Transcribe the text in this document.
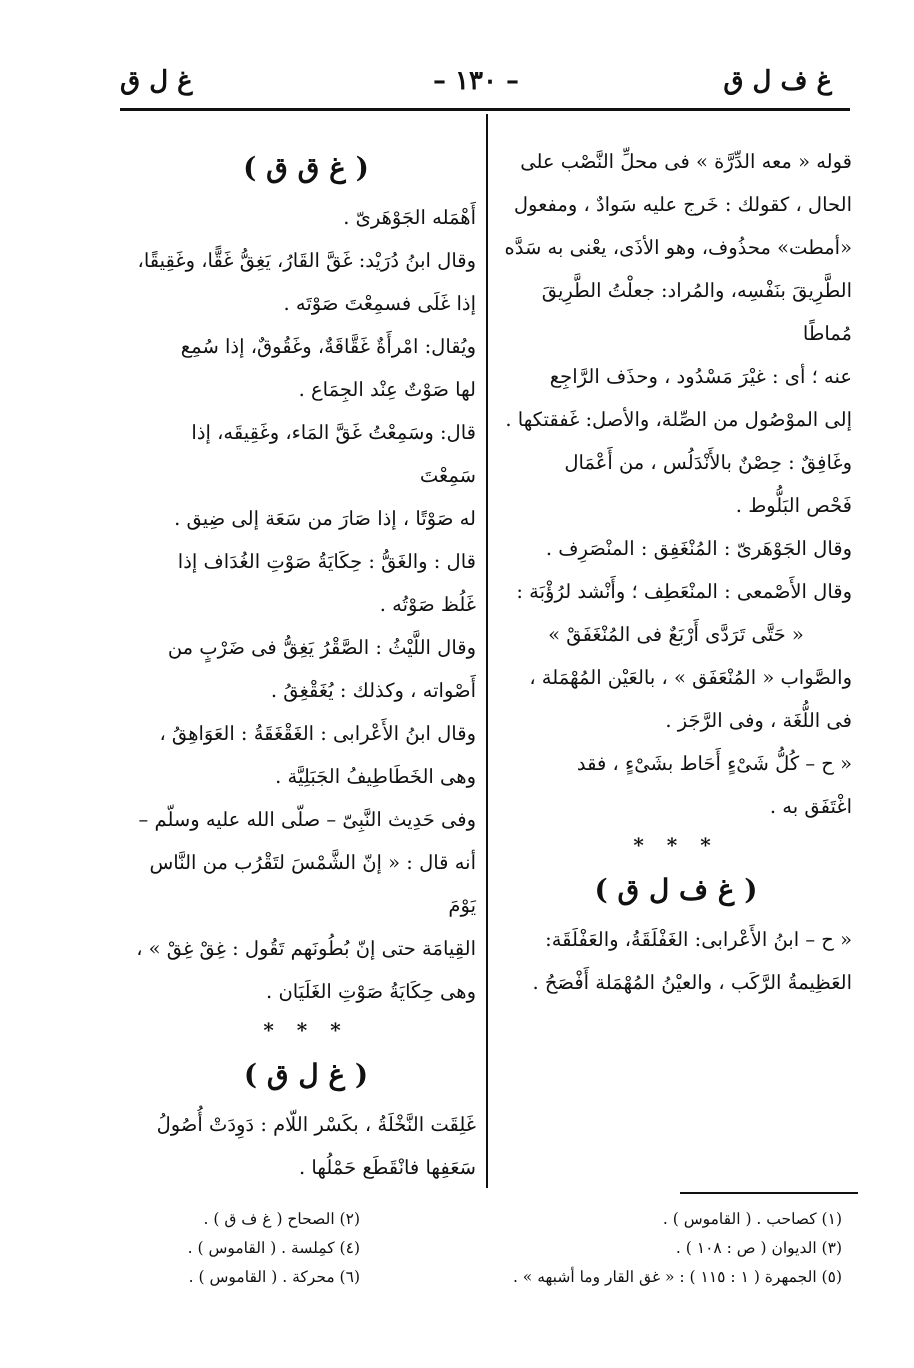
غ ف ل ق
– ١٣٠ –
غ ل ق

قوله « معه الدِّرَّة » فى محلِّ النَّصْب على

الحال ، كقولك : خَرج عليه سَوادٌ ، ومفعول

«أمطت» محذُوف، وهو الأذَى، يعْنى به سَدَّه

الطَّرِيقَ بنَفْسِه، والمُراد: جعلْتُ الطَّرِيقَ مُماطًا

عنه ؛ أى : غيْرَ مَسْدُود ، وحذَف الرَّاجِع

إلى الموْصُول من الصِّلة، والأصل: غَفقتكها .

وغَافِقٌ : حِصْنٌ بالأَنْدَلُس ، من أَعْمَال

فَحْص البَلُّوط .

وقال الجَوْهَرىّ : المُنْغَفِق : المنْصَرِف .

وقال الأَصْمعى : المنْعَطِف ؛ وأَنْشد لرُؤْبَة :

« حَتَّى تَرَدَّى أَرْبَعٌ فى المُنْغَفَقْ »

والصَّواب « المُنْعَفَق » ، بالعَيْن المُهْمَلة ،

فى اللُّغَة ، وفى الرَّجَز .

« ح – كُلُّ شَىْءٍ أَحَاط بشَىْءٍ ، فقد

اغْتَفَق به .

* * *

( غ ف ل ق )

« ح – ابنُ الأَعْرابى: الغَفْلَقَةُ، والعَفْلَقَة:

العَظِيمةُ الرَّكَب ، والعيْنُ المُهْمَلة أَفْصَحُ .

( غ ق ق )

أَهْمَله الجَوْهَرىّ .

وقال ابنُ دُرَيْد: غَقَّ القَارُ، يَغِقُّ غَقًّا، وغَقِيقًا،

إذا غَلَى فسمِعْتَ صَوْتَه .

ويُقال: امْرأَةٌ غَقَّاقَةٌ، وغَقُوقٌ، إذا سُمِع

لها صَوْتٌ عِنْد الجِمَاع .

قال: وسَمِعْتُ غَقَّ المَاء، وغَقِيقَه، إذا سَمِعْتَ

له صَوْتًا ، إذا صَارَ من سَعَة إلى ضِيق .

قال : والغَقُّ : حِكَايَةُ صَوْتِ الغُدَاف إذا

غَلُظ صَوْتُه .

وقال اللَّيْثُ : الصَّقْرُ يَغِقُّ فى ضَرْبٍ من

أَصْواته ، وكذلك : يُغَقْغِقُ .

وقال ابنُ الأَعْرابى : الغَقْغَقَةُ : العَوَاهِقُ ،

وهى الخَطَاطِيفُ الجَبَلِيَّة .

وفى حَدِيث النَّبِىّ – صلّى الله عليه وسلّم –

أنه قال : « إنّ الشَّمْسَ لتَقْرُب من النَّاس يَوْمَ

القِيامَة حتى إنّ بُطُونَهم تَقُول : غِقْ غِقْ » ،

وهى حِكَايَةُ صَوْتِ الغَلَيَان .

* * *

( غ ل ق )

غَلِقَت النَّخْلَةُ ، بكَسْر اللّام : دَوِدَتْ أُصُولُ

سَعَفِها فانْقَطَع حَمْلُها .

(١) كصاحب . ( القاموس ) .
(٣) الديوان ( ص : ١٠٨ ) .
(٥) الجمهرة ( ١ : ١١٥ ) : « غق القار وما أشبهه » .
(٢) الصحاح ( غ ف ق ) .
(٤) كمِلسة . ( القاموس ) .
(٦) محركة . ( القاموس ) .
